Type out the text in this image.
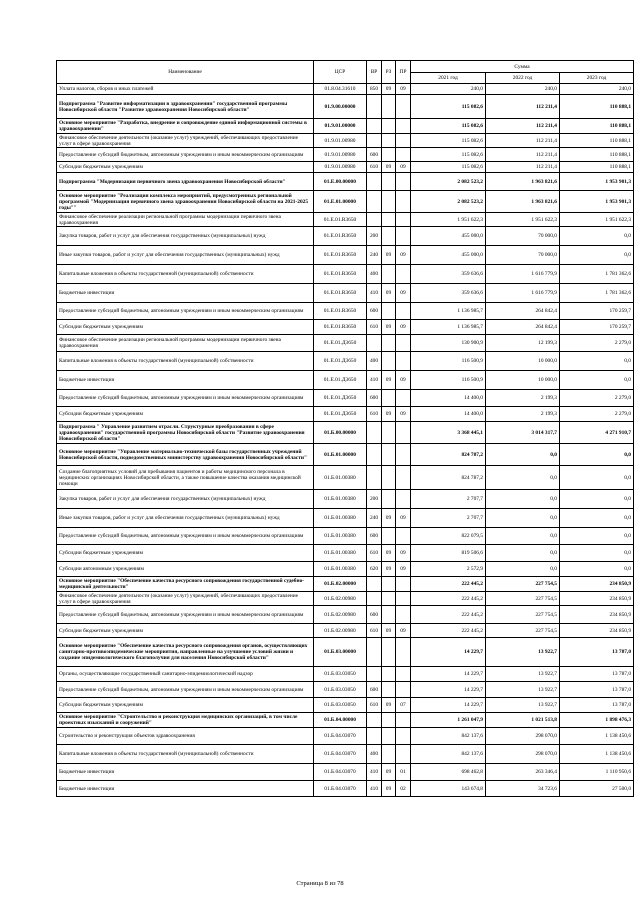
Наименование	ЦСР	ВР	РЗ	ПР	Сумма		
					2021 год	2022 год	2023 год
Уплата налогов, сборов и иных платежей	01.8.04.31610	850	09	09	240,0	240,0	240,0
Подпрограмма "Развитие информатизации в здравоохранении" государственной программы Новосибирской области "Развитие здравоохранения Новосибирской области"	01.9.00.00000				115 082,6	112 211,4	110 888,1
Основное мероприятие "Разработка, внедрение и сопровождение единой информационной системы в здравоохранении"	01.9.01.00000				115 082,6	112 211,4	110 888,1
Финансовое обеспечение деятельности (оказание услуг) учреждений, обеспечивающих предоставление услуг в сфере здравоохранения	01.9.01.00980				115 082,6	112 211,4	110 888,1
Предоставление субсидий бюджетным, автономным учреждениям и иным некоммерческим организациям	01.9.01.00980	600			115 082,6	112 211,4	110 888,1
Субсидии бюджетным учреждениям	01.9.01.00980	610	09	09	115 082,6	112 211,4	110 888,1
Подпрограмма "Модернизация первичного звена здравоохранения Новосибирской области"	01.Е.00.00000				2 082 523,2	1 963 821,6	1 953 901,3
Основное мероприятие "Реализация комплекса мероприятий, предусмотренных региональной программой "Модернизация первичного звена здравоохранения Новосибирской области на 2021-2025 годы""	01.Е.01.00000				2 082 523,2	1 963 821,6	1 953 901,3
Финансовое обеспечение реализации региональной программы модернизации первичного звена здравоохранения	01.Е.01.R3650				1 951 622,3	1 951 622,3	1 951 622,3
Закупка товаров, работ и услуг для обеспечения государственных (муниципальных) нужд	01.Е.01.R3650	200			455 000,0	70 000,0	0,0
Иные закупки товаров, работ и услуг для обеспечения государственных (муниципальных) нужд	01.Е.01.R3650	240	09	09	455 000,0	70 000,0	0,0
Капитальные вложения в объекты государственной (муниципальной) собственности	01.Е.01.R3650	400			359 636,6	1 616 779,9	1 781 362,6
Бюджетные инвестиции	01.Е.01.R3650	410	09	09	359 636,6	1 616 779,9	1 781 362,6
Предоставление субсидий бюджетным, автономным учреждениям и иным некоммерческим организациям	01.Е.01.R3650	600			1 136 985,7	264 842,4	170 259,7
Субсидии бюджетным учреждениям	01.Е.01.R3650	610	09	09	1 136 985,7	264 842,4	170 259,7
Финансовое обеспечение реализации региональной программы модернизации первичного звена здравоохранения	01.Е.01.Д3650				130 900,9	12 199,3	2 279,0
Капитальные вложения в объекты государственной (муниципальной) собственности	01.Е.01.Д3650	400			116 500,9	10 000,0	0,0
Бюджетные инвестиции	01.Е.01.Д3650	410	09	09	116 500,9	10 000,0	0,0
Предоставление субсидий бюджетным, автономным учреждениям и иным некоммерческим организациям	01.Е.01.Д3650	600			14 400,0	2 199,3	2 279,0
Субсидии бюджетным учреждениям	01.Е.01.Д3650	610	09	09	14 400,0	2 199,3	2 279,0
Подпрограмма " Управление развитием отрасли. Структурные преобразования в сфере здравоохранения" государственной программы Новосибирской области "Развитие здравоохранения Новосибирской области"	01.Б.00.00000				3 368 445,1	3 014 317,7	4 271 910,7
Основное мероприятие "Управление материально-технической базы государственных учреждений Новосибирской области, подведомственных министерству здравоохранения Новосибирской области"	01.Б.01.00000				824 787,2	0,0	0,0
Создание благоприятных условий для пребывания пациентов и работы медицинского персонала в медицинских организациях Новосибирской области, а также повышение качества оказания медицинской помощи	01.Б.01.00380				824 787,2	0,0	0,0
Закупка товаров, работ и услуг для обеспечения государственных (муниципальных) нужд	01.Б.01.00380	200			2 707,7	0,0	0,0
Иные закупки товаров, работ и услуг для обеспечения государственных (муниципальных) нужд	01.Б.01.00380	240	09	09	2 707,7	0,0	0,0
Предоставление субсидий бюджетным, автономным учреждениям и иным некоммерческим организациям	01.Б.01.00380	600			822 079,5	0,0	0,0
Субсидии бюджетным учреждениям	01.Б.01.00380	610	09	09	819 506,6	0,0	0,0
Субсидии автономным учреждениям	01.Б.01.00380	620	09	09	2 572,9	0,0	0,0
Основное мероприятие "Обеспечение качества ресурсного сопровождения государственной судебно-медицинской деятельности"	01.Б.02.00000				222 445,2	227 754,5	234 850,9
Финансовое обеспечение деятельности (оказание услуг) учреждений, обеспечивающих предоставление услуг в сфере здравоохранения	01.Б.02.00980				222 445,2	227 754,5	234 850,9
Предоставление субсидий бюджетным, автономным учреждениям и иным некоммерческим организациям	01.Б.02.00980	600			222 445,2	227 754,5	234 850,9
Субсидии бюджетным учреждениям	01.Б.02.00980	610	09	09	222 445,2	227 754,5	234 850,9
Основное мероприятие "Обеспечение качества ресурсного сопровождения органов, осуществляющих санитарно-противоэпидемические мероприятия, направленные на улучшение условий жизни и создание эпидемиологического благополучия для населения Новосибирской области"	01.Б.03.00000				14 229,7	13 922,7	13 787,0
Органы, осуществляющие государственный санитарно-эпидемиологический надзор	01.Б.03.03050				14 229,7	13 922,7	13 787,0
Предоставление субсидий бюджетным, автономным учреждениям и иным некоммерческим организациям	01.Б.03.03050	600			14 229,7	13 922,7	13 787,0
Субсидии бюджетным учреждениям	01.Б.03.03050	610	09	07	14 229,7	13 922,7	13 787,0
Основное мероприятие "Строительство и реконструкция медицинских организаций, в том числе проектных изысканий и сооружений"	01.Б.04.00000				1 261 047,9	1 021 513,8	1 898 476,3
Строительство и реконструкция объектов здравоохранения	01.Б.04.03070				842 137,6	298 070,0	1 138 450,6
Капитальные вложения в объекты государственной (муниципальной) собственности	01.Б.04.03070	400			842 137,6	298 070,0	1 138 450,6
Бюджетные инвестиции	01.Б.04.03070	410	09	01	698 462,8	263 346,4	1 110 950,6
Бюджетные инвестиции	01.Б.04.03070	410	09	02	143 674,8	34 723,6	27 500,0
Страница 8 из 78
